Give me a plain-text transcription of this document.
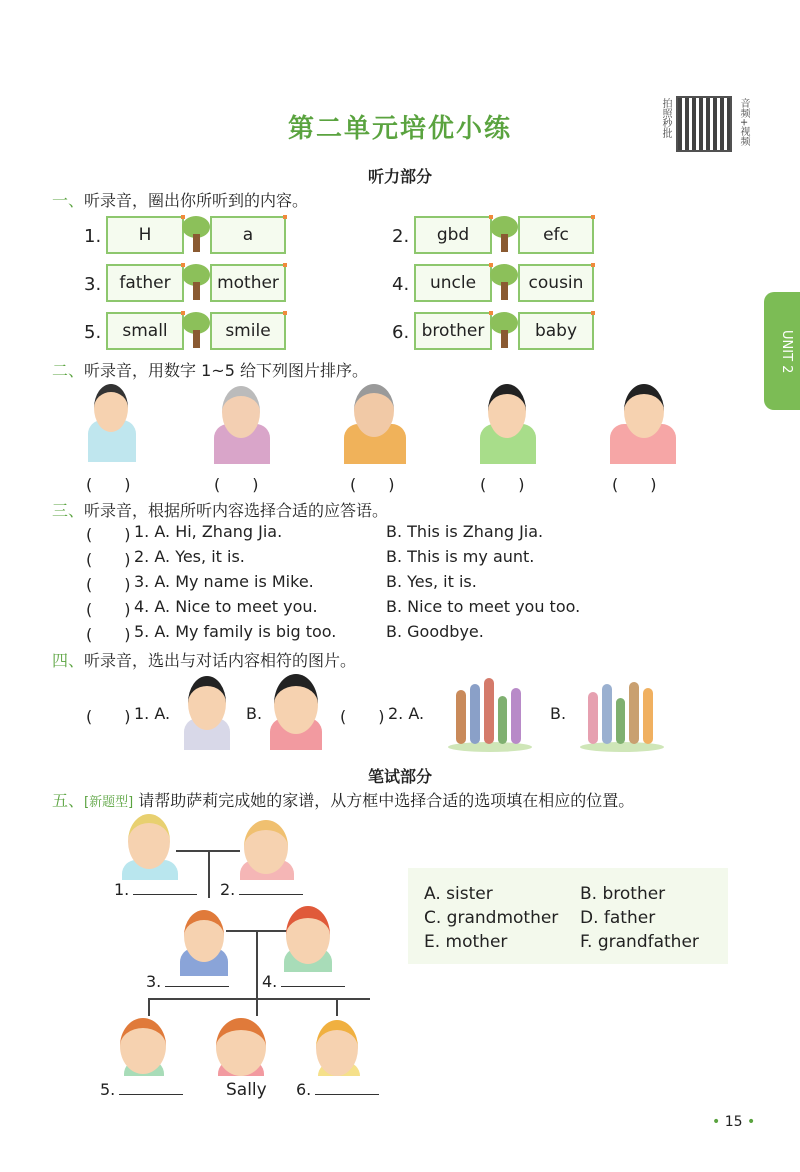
第二单元培优小练	拍照秒批	音频+视频
UNIT 2
听力部分
一、听录音，圈出你所听到的内容。
1.	H	a	2.	gbd	efc
3.	father	mother	4.	uncle	cousin
5.	small	smile	6. brother	baby
二、听录音，用数字 1~5 给下列图片排序。
(　　)	(　　)	(　　)	(　　)	(　　)
三、听录音，根据所听内容选择合适的应答语。
(　　) 1. A. Hi, Zhang Jia.	B. This is Zhang Jia.
(　　) 2. A. Yes, it is.	B. This is my aunt.
(　　) 3. A. My name is Mike.	B. Yes, it is.
(　　) 4. A. Nice to meet you.	B. Nice to meet you too.
(　　) 5. A. My family is big too.	B. Goodbye.
四、听录音，选出与对话内容相符的图片。
(　　) 1. A.	B.	(　　) 2. A.	B.
笔试部分
五、[新题型] 请帮助萨莉完成她的家谱，从方框中选择合适的选项填在相应的位置。
1.	2.
3.	4.
5.	Sally 6.
A. sister	B. brother
C. grandmother D. father
E. mother	F. grandfather
• 15 •
